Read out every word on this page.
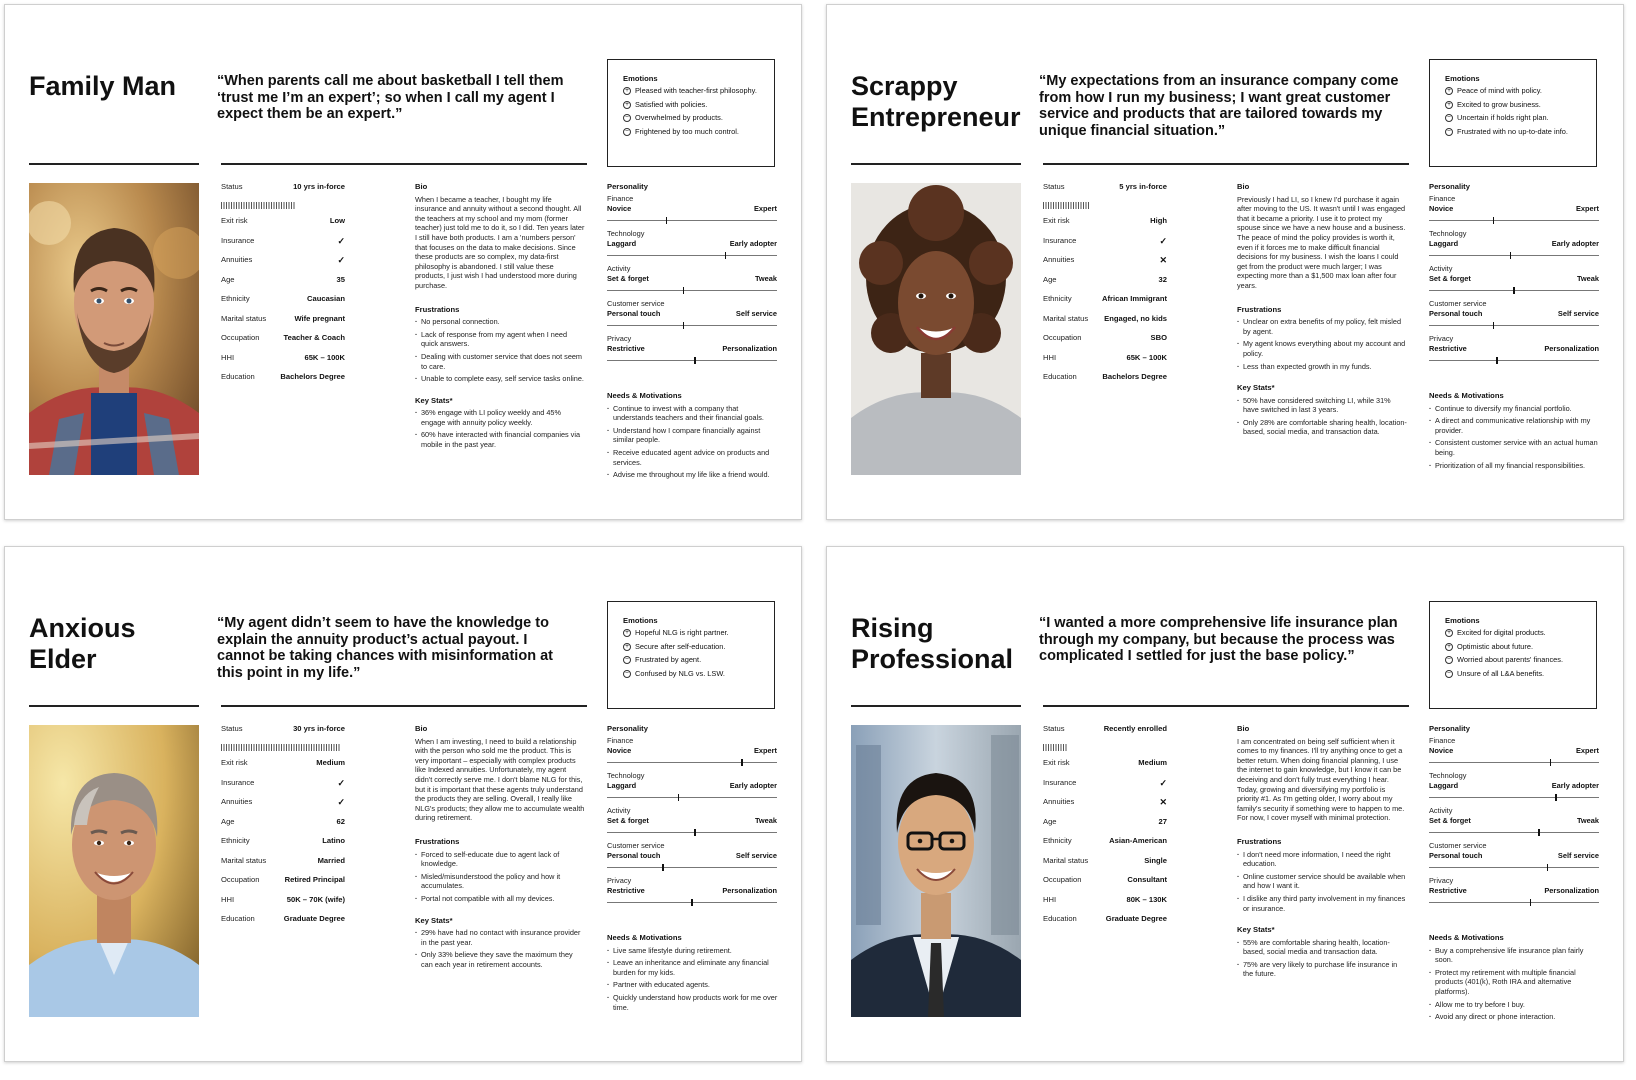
Family Man	“When parents call me about basketball I tell them ‘trust me I’m an expert’; so when I call my agent I expect them be an expert.”
Status	10 yrs in-force
Exit risk	Low
Insurance	✓
Annuities	✓
Age	35
Ethnicity	Caucasian
Marital status	Wife pregnant
Occupation	Teacher & Coach
HHI	65K – 100K
Education	Bachelors Degree
Bio
When I became a teacher, I bought my life insurance and annuity without a second thought. All the teachers at my school and my mom (former teacher) just told me to do it, so I did. Ten years later I still have both products. I am a 'numbers person' that focuses on the data to make decisions. Since these products are so complex, my data-first philosophy is abandoned. I still value these products, I just wish I had understood more during purchase.
Frustrations
· No personal connection.
· Lack of response from my agent when I need quick answers.
· Dealing with customer service that does not seem to care.
· Unable to complete easy, self service tasks online.
Key Stats*
· 36% engage with LI policy weekly and 45% engage with annuity policy weekly.
· 60% have interacted with financial companies via mobile in the past year.
Emotions
+ Pleased with teacher-first philosophy.
+ Satisfied with policies.
− Overwhelmed by products.
− Frightened by too much control.
Personality
Finance
Novice	Expert
Technology
Laggard	Early adopter
Activity
Set & forget	Tweak
Customer service
Personal touch	Self service
Privacy
Restrictive	Personalization
Needs & Motivations
· Continue to invest with a company that understands teachers and their financial goals.
· Understand how I compare financially against similar people.
· Receive educated agent advice on products and services.
· Advise me throughout my life like a friend would.
Scrappy Entrepreneur
“My expectations from an insurance company come from how I run my business; I want great customer service and products that are tailored towards my unique financial situation.”
Status	5 yrs in-force
Exit risk	High
Insurance	✓
Annuities	✕
Age	32
Ethnicity	African Immigrant
Marital status Engaged, no kids
Occupation	SBO
HHI	65K – 100K
Education	Bachelors Degree
Bio
Previously I had LI, so I knew I'd purchase it again after moving to the US. It wasn't until I was engaged that it became a priority. I use it to protect my spouse since we have a new house and a business. The peace of mind the policy provides is worth it, even if it forces me to make difficult financial decisions for my business. I wish the loans I could get from the product were much larger; I was expecting more than a $1,500 max loan after four years.
Frustrations
· Unclear on extra benefits of my policy, felt misled by agent.
· My agent knows everything about my account and policy.
· Less than expected growth in my funds.
Key Stats*
· 50% have considered switching LI, while 31% have switched in last 3 years.
· Only 28% are comfortable sharing health, location-based, social media, and transaction data.
Emotions
+ Peace of mind with policy.
+ Excited to grow business.
− Uncertain if holds right plan.
− Frustrated with no up-to-date info.
Personality
Finance
Novice	Expert
Technology
Laggard	Early adopter
Activity
Set & forget	Tweak
Customer service
Personal touch	Self service
Privacy
Restrictive	Personalization
Needs & Motivations
· Continue to diversify my financial portfolio.
· A direct and communicative relationship with my provider.
· Consistent customer service with an actual human being.
· Prioritization of all my financial responsibilities.
Anxious Elder
“My agent didn’t seem to have the knowledge to explain the annuity product’s actual payout. I cannot be taking chances with misinformation at this point in my life.”
Status	30 yrs in-force
Exit risk	Medium
Insurance	✓
Annuities	✓
Age	62
Ethnicity	Latino
Marital status	Married
Occupation	Retired Principal
HHI	50K – 70K (wife)
Education	Graduate Degree
Bio
When I am investing, I need to build a relationship with the person who sold me the product. This is very important – especially with complex products like Indexed annuities. Unfortunately, my agent didn't correctly serve me. I don't blame NLG for this, but it is important that these agents truly understand the products they are selling. Overall, I really like NLG's products; they allow me to accumulate wealth during retirement.
Frustrations
· Forced to self-educate due to agent lack of knowledge.
· Misled/misunderstood the policy and how it accumulates.
· Portal not compatible with all my devices.
Key Stats*
· 29% have had no contact with insurance provider in the past year.
· Only 33% believe they save the maximum they can each year in retirement accounts.
Emotions
+ Hopeful NLG is right partner.
+ Secure after self-education.
− Frustrated by agent.
− Confused by NLG vs. LSW.
Personality
Finance
Novice	Expert
Technology
Laggard	Early adopter
Activity
Set & forget	Tweak
Customer service
Personal touch	Self service
Privacy
Restrictive	Personalization
Needs & Motivations
· Live same lifestyle during retirement.
· Leave an inheritance and eliminate any financial burden for my kids.
· Partner with educated agents.
· Quickly understand how products work for me over time.
Rising Professional
“I wanted a more comprehensive life insurance plan through my company, but because the process was complicated I settled for just the base policy.”
Status	Recently enrolled
Exit risk	Medium
Insurance	✓
Annuities	✕
Age	27
Ethnicity	Asian-American
Marital status	Single
Occupation	Consultant
HHI	80K – 130K
Education	Graduate Degree
Bio
I am concentrated on being self sufficient when it comes to my finances. I'll try anything once to get a better return. When doing financial planning, I use the internet to gain knowledge, but I know it can be deceiving and don't fully trust everything I hear. Today, growing and diversifying my portfolio is priority #1. As I'm getting older, I worry about my family's security if something were to happen to me. For now, I cover myself with minimal protection.
Frustrations
· I don't need more information, I need the right education.
· Online customer service should be available when and how I want it.
· I dislike any third party involvement in my finances or insurance.
Key Stats*
· 55% are comfortable sharing health, location-based, social media and transaction data.
· 75% are very likely to purchase life insurance in the future.
Emotions
+ Excited for digital products.
+ Optimistic about future.
− Worried about parents' finances.
− Unsure of all L&A benefits.
Personality
Finance
Novice	Expert
Technology
Laggard	Early adopter
Activity
Set & forget	Tweak
Customer service
Personal touch	Self service
Privacy
Restrictive	Personalization
Needs & Motivations
· Buy a comprehensive life insurance plan fairly soon.
· Protect my retirement with multiple financial products (401(k), Roth IRA and alternative platforms).
· Allow me to try before I buy.
· Avoid any direct or phone interaction.
